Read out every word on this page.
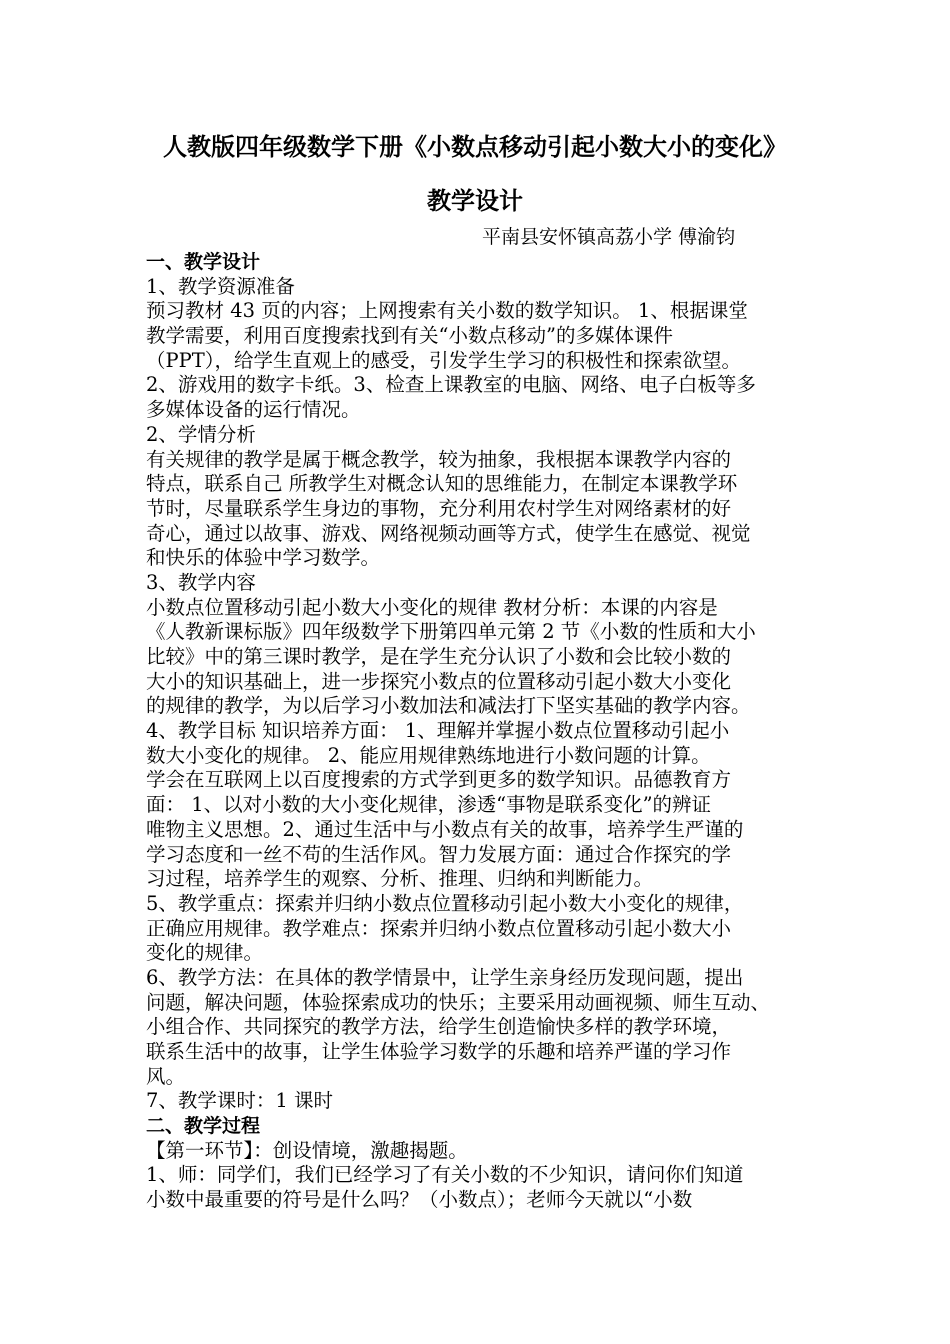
人教版四年级数学下册《小数点移动引起小数大小的变化》
教学设计
平南县安怀镇高荔小学 傅渝钧
一、教学设计
1、教学资源准备
预习教材 43 页的内容；上网搜索有关小数的数学知识。 1、根据课堂
教学需要，利用百度搜索找到有关“小数点移动”的多媒体课件
（PPT），给学生直观上的感受，引发学生学习的积极性和探索欲望。
2、游戏用的数字卡纸。3、检查上课教室的电脑、网络、电子白板等多
多媒体设备的运行情况。
2、学情分析
有关规律的教学是属于概念教学，较为抽象，我根据本课教学内容的
特点，联系自己 所教学生对概念认知的思维能力，在制定本课教学环
节时，尽量联系学生身边的事物，充分利用农村学生对网络素材的好
奇心，通过以故事、游戏、网络视频动画等方式，使学生在感觉、视觉
和快乐的体验中学习数学。
3、教学内容
小数点位置移动引起小数大小变化的规律 教材分析：本课的内容是
《人教新课标版》四年级数学下册第四单元第 2 节《小数的性质和大小
比较》中的第三课时教学，是在学生充分认识了小数和会比较小数的
大小的知识基础上，进一步探究小数点的位置移动引起小数大小变化
的规律的教学，为以后学习小数加法和减法打下坚实基础的教学内容。
4、教学目标 知识培养方面： 1、理解并掌握小数点位置移动引起小
数大小变化的规律。 2、能应用规律熟练地进行小数问题的计算。
学会在互联网上以百度搜索的方式学到更多的数学知识。品德教育方
面： 1、以对小数的大小变化规律，渗透“事物是联系变化”的辨证
唯物主义思想。2、通过生活中与小数点有关的故事，培养学生严谨的
学习态度和一丝不苟的生活作风。智力发展方面：通过合作探究的学
习过程，培养学生的观察、分析、推理、归纳和判断能力。
5、教学重点：探索并归纳小数点位置移动引起小数大小变化的规律，
正确应用规律。教学难点：探索并归纳小数点位置移动引起小数大小
变化的规律。
6、教学方法：在具体的教学情景中，让学生亲身经历发现问题，提出
问题，解决问题，体验探索成功的快乐；主要采用动画视频、师生互动、
小组合作、共同探究的教学方法，给学生创造愉快多样的教学环境，
联系生活中的故事，让学生体验学习数学的乐趣和培养严谨的学习作
风。
7、教学课时：1 课时
二、教学过程
【第一环节】：创设情境，激趣揭题。
1、师：同学们，我们已经学习了有关小数的不少知识，请问你们知道
小数中最重要的符号是什么吗？（小数点）；老师今天就以“小数
